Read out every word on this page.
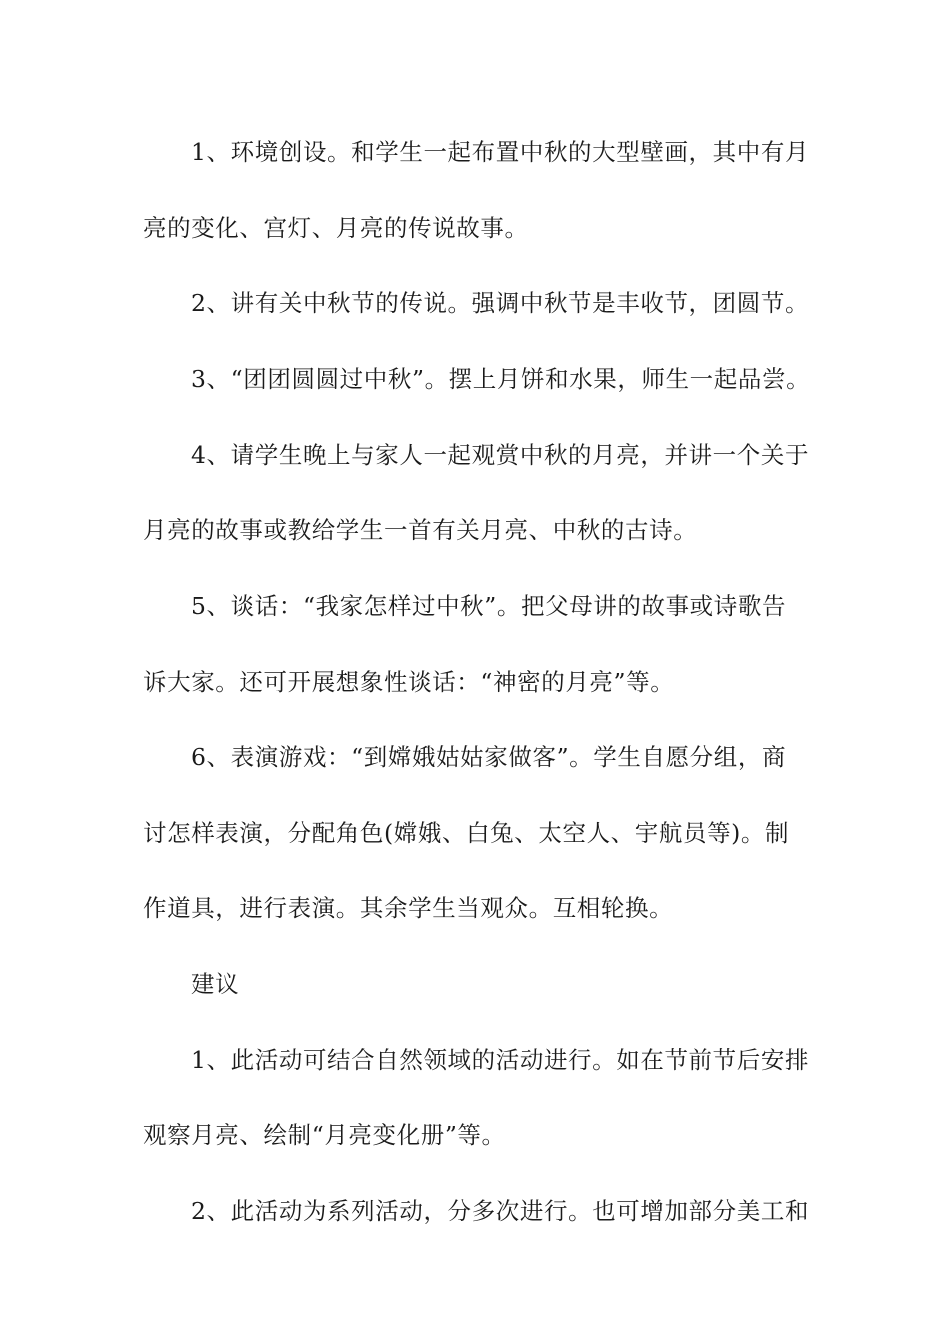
1、环境创设。和学生一起布置中秋的大型壁画，其中有月
亮的变化、宫灯、月亮的传说故事。
2、讲有关中秋节的传说。强调中秋节是丰收节，团圆节。
3、“团团圆圆过中秋”。摆上月饼和水果，师生一起品尝。
4、请学生晚上与家人一起观赏中秋的月亮，并讲一个关于
月亮的故事或教给学生一首有关月亮、中秋的古诗。
5、谈话：“我家怎样过中秋”。把父母讲的故事或诗歌告
诉大家。还可开展想象性谈话：“神密的月亮”等。
6、表演游戏：“到嫦娥姑姑家做客”。学生自愿分组，商
讨怎样表演，分配角色(嫦娥、白兔、太空人、宇航员等)。制
作道具，进行表演。其余学生当观众。互相轮换。
建议
1、此活动可结合自然领域的活动进行。如在节前节后安排
观察月亮、绘制“月亮变化册”等。
2、此活动为系列活动，分多次进行。也可增加部分美工和
